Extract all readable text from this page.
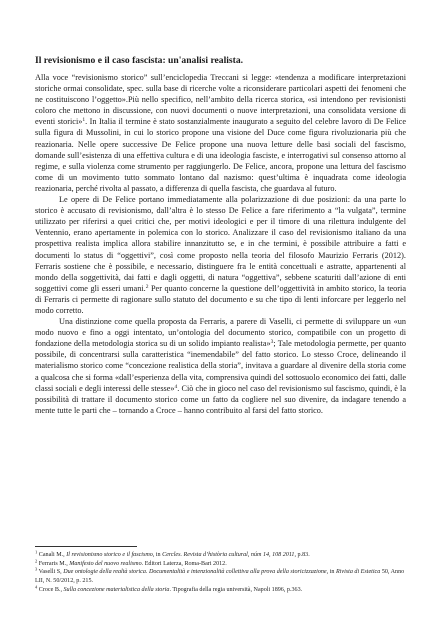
Il revisionismo e il caso fascista: un'analisi realista.

Alla voce “revisionismo storico” sull’enciclopedia Treccani si legge: «tendenza a modificare interpretazioni storiche ormai consolidate, spec. sulla base di ricerche volte a riconsiderare particolari aspetti dei fenomeni che ne costituiscono l’oggetto».Più nello specifico, nell’ambito della ricerca storica, «si intendono per revisionisti coloro che mettono in discussione, con nuovi documenti o nuove interpretazioni, una consolidata versione di eventi storici»$^1$. In Italia il termine è stato sostanzialmente inaugurato a seguito del celebre lavoro di De Felice sulla figura di Mussolini, in cui lo storico propone una visione del Duce come figura rivoluzionaria più che reazionaria. Nelle opere successive De Felice propone una nuova letture delle basi sociali del fascismo, domande sull’esistenza di una effettiva cultura e di una ideologia fasciste, e interrogativi sul consenso attorno al regime, e sulla violenza come strumento per raggiungerlo. De Felice, ancora, propone una lettura del fascismo come di un movimento tutto sommato lontano dal nazismo: quest’ultima è inquadrata come ideologia reazionaria, perché rivolta al passato, a differenza di quella fascista, che guardava al futuro.

Le opere di De Felice portano immediatamente alla polarizzazione di due posizioni: da una parte lo storico è accusato di revisionismo, dall’altra è lo stesso De Felice a fare riferimento a “la vulgata”, termine utilizzato per riferirsi a quei critici che, per motivi ideologici e per il timore di una rilettura indulgente del Ventennio, erano apertamente in polemica con lo storico. Analizzare il caso del revisionismo italiano da una prospettiva realista implica allora stabilire innanzitutto se, e in che termini, è possibile attribuire a fatti e documenti lo status di “oggettivi”, così come proposto nella teoria del filosofo Maurizio Ferraris (2012). Ferraris sostiene che è possibile, e necessario, distinguere fra le entità concettuali e astratte, appartenenti al mondo della soggettività, dai fatti e dagli oggetti, di natura “oggettiva”, sebbene scaturiti dall’azione di enti soggettivi come gli esseri umani.$^2$ Per quanto concerne la questione dell’oggettività in ambito storico, la teoria di Ferraris ci permette di ragionare sullo statuto del documento e su che tipo di lenti inforcare per leggerlo nel modo corretto.

Una distinzione come quella proposta da Ferraris, a parere di Vaselli, ci permette di sviluppare un «un modo nuovo e fino a oggi intentato, un’ontologia del documento storico, compatibile con un progetto di fondazione della metodologia storica su di un solido impianto realista»$^3$; Tale metodologia permette, per quanto possibile, di concentrarsi sulla caratteristica “inemendabile” del fatto storico. Lo stesso Croce, delineando il materialismo storico come “concezione realistica della storia”, invitava a guardare al divenire della storia come a qualcosa che si forma «dall’esperienza della vita, comprensiva quindi del sottosuolo economico dei fatti, dalle classi sociali e degli interessi delle stesse»$^4$. Ciò che in gioco nel caso del revisionismo sul fascismo, quindi, è la possibilità di trattare il documento storico come un fatto da cogliere nel suo divenire, da indagare tenendo a mente tutte le parti che – tornando a Croce – hanno contribuito al farsi del fatto storico.

$^1$ Canali M., Il revisionismo storico e il fascismo, in Cercles. Revista d’història cultural, núm 14, 108 2011, p.83.

$^2$ Ferraris M., Manifesto del nuovo realismo. Editori Laterza, Roma-Bari 2012.

$^3$ Vaselli S, Due ontologie della realtà storica. Documentalità e intenzionalità collettiva alla prova della storicizzazione, in Rivista di Estetica 50, Anno LII, N. 50/2012, p. 215.

$^4$ Croce B., Sulla concezione materialistica della storia. Tipografia della regia università, Napoli 1896, p.363.
